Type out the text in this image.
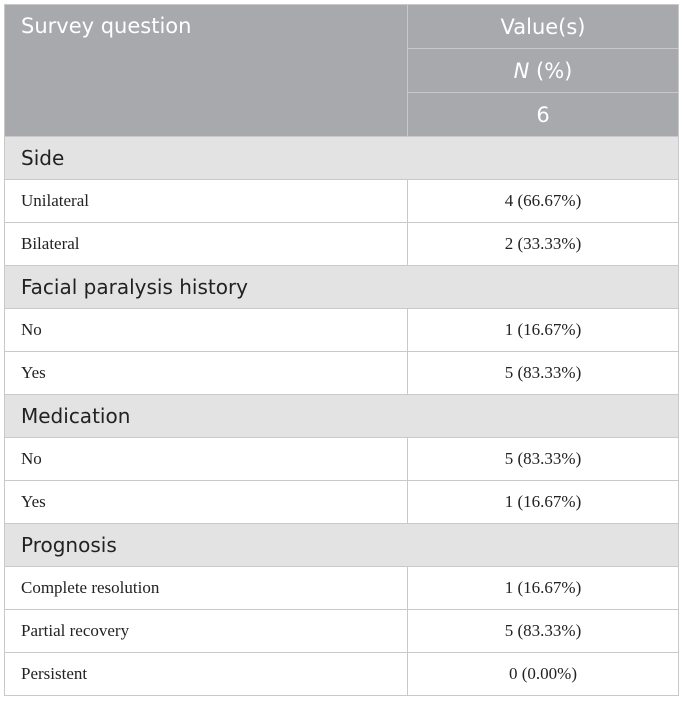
Survey question	Value(s)
	N (%)
	6
Side	
Unilateral	4 (66.67%)
Bilateral	2 (33.33%)
Facial paralysis history	
No	1 (16.67%)
Yes	5 (83.33%)
Medication	
No	5 (83.33%)
Yes	1 (16.67%)
Prognosis	
Complete resolution	1 (16.67%)
Partial recovery	5 (83.33%)
Persistent	0 (0.00%)
